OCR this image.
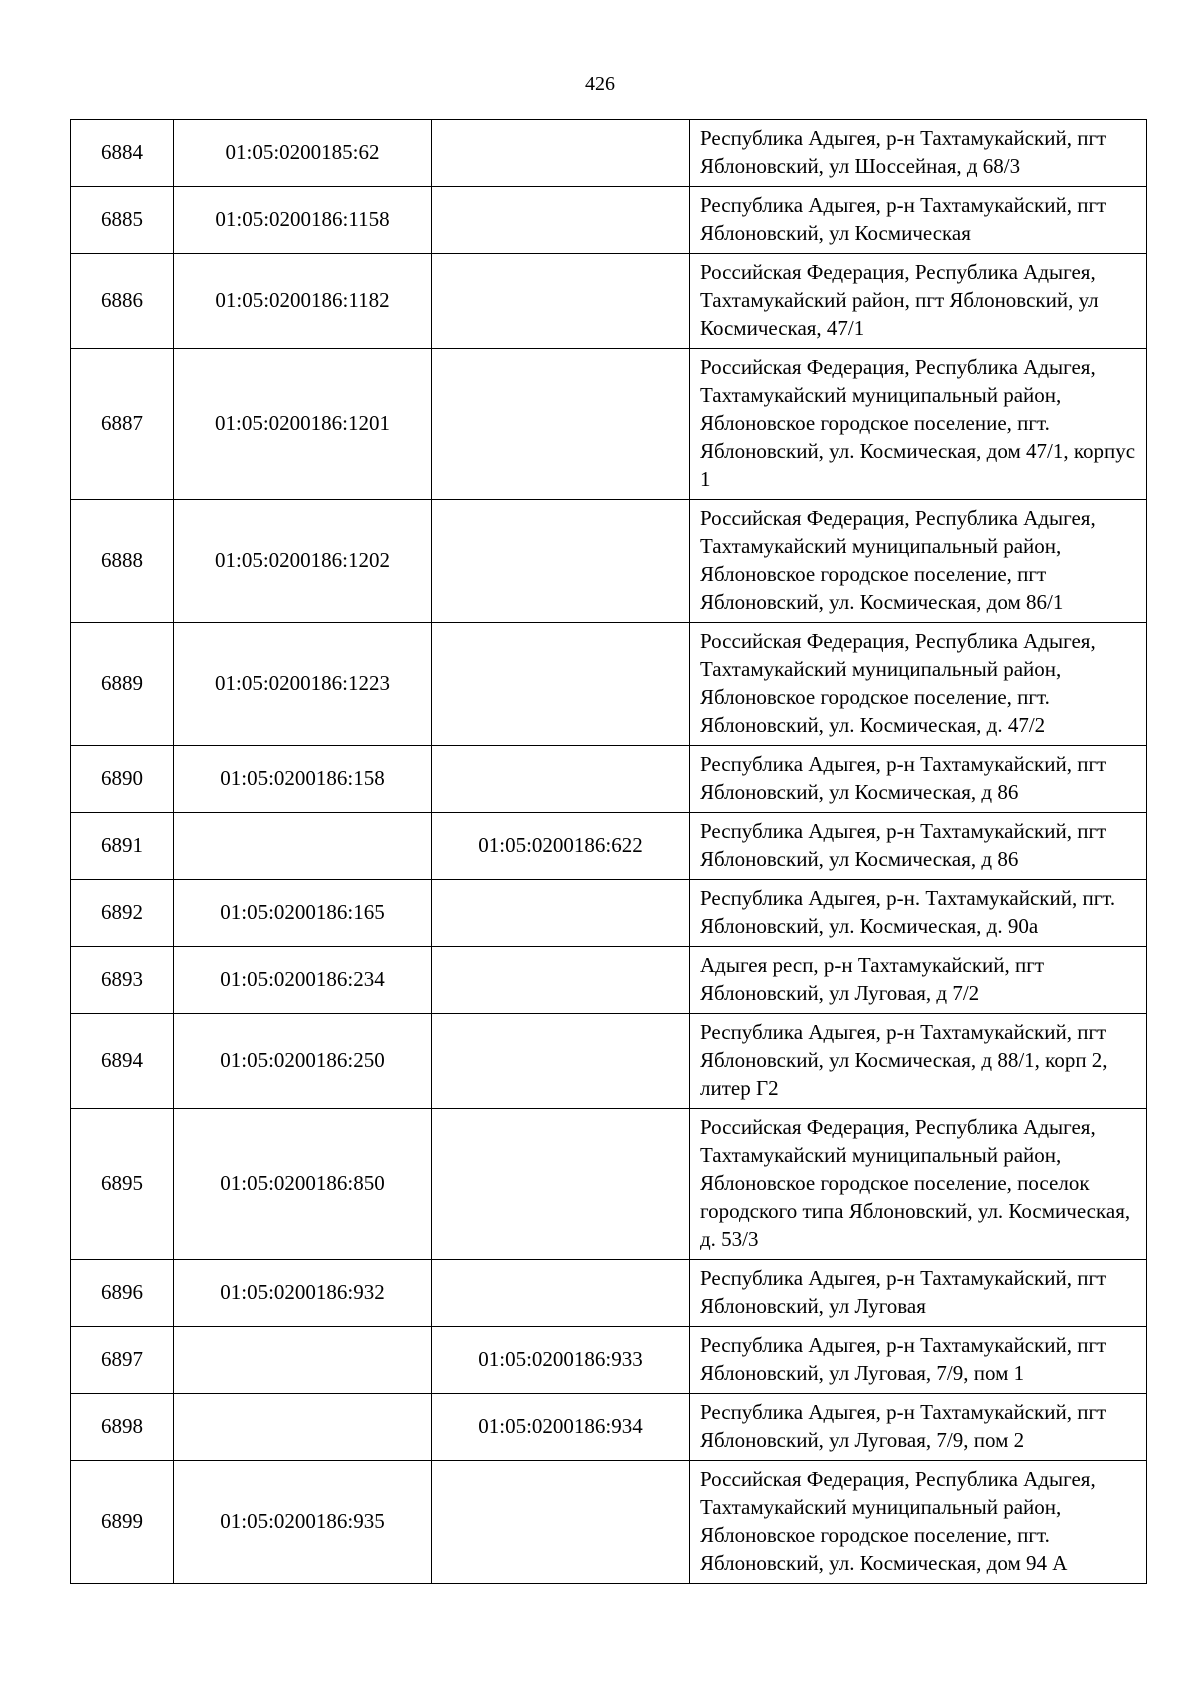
426
6884	01:05:0200185:62		Республика Адыгея, р-н Тахтамукайский, пгт Яблоновский, ул Шоссейная, д 68/3
6885	01:05:0200186:1158		Республика Адыгея, р-н Тахтамукайский, пгт Яблоновский, ул Космическая
6886	01:05:0200186:1182		Российская Федерация, Республика Адыгея, Тахтамукайский район, пгт Яблоновский, ул Космическая, 47/1
6887	01:05:0200186:1201		Российская Федерация, Республика Адыгея, Тахтамукайский муниципальный район, Яблоновское городское поселение, пгт. Яблоновский, ул. Космическая, дом 47/1, корпус 1
6888	01:05:0200186:1202		Российская Федерация, Республика Адыгея, Тахтамукайский муниципальный район, Яблоновское городское поселение, пгт Яблоновский, ул. Космическая, дом 86/1
6889	01:05:0200186:1223		Российская Федерация, Республика Адыгея, Тахтамукайский муниципальный район, Яблоновское городское поселение, пгт. Яблоновский, ул. Космическая, д. 47/2
6890	01:05:0200186:158		Республика Адыгея, р-н Тахтамукайский, пгт Яблоновский, ул Космическая, д 86
6891		01:05:0200186:622	Республика Адыгея, р-н Тахтамукайский, пгт Яблоновский, ул Космическая, д 86
6892	01:05:0200186:165		Республика Адыгея, р-н. Тахтамукайский, пгт. Яблоновский, ул. Космическая, д. 90а
6893	01:05:0200186:234		Адыгея респ, р-н Тахтамукайский, пгт Яблоновский, ул Луговая, д 7/2
6894	01:05:0200186:250		Республика Адыгея, р-н Тахтамукайский, пгт Яблоновский, ул Космическая, д 88/1, корп 2, литер Г2
6895	01:05:0200186:850		Российская Федерация, Республика Адыгея, Тахтамукайский муниципальный район, Яблоновское городское поселение, поселок городского типа Яблоновский, ул. Космическая, д. 53/3
6896	01:05:0200186:932		Республика Адыгея, р-н Тахтамукайский, пгт Яблоновский, ул Луговая
6897		01:05:0200186:933	Республика Адыгея, р-н Тахтамукайский, пгт Яблоновский, ул Луговая, 7/9, пом 1
6898		01:05:0200186:934	Республика Адыгея, р-н Тахтамукайский, пгт Яблоновский, ул Луговая, 7/9, пом 2
6899	01:05:0200186:935		Российская Федерация, Республика Адыгея, Тахтамукайский муниципальный район, Яблоновское городское поселение, пгт. Яблоновский, ул. Космическая, дом 94 А
